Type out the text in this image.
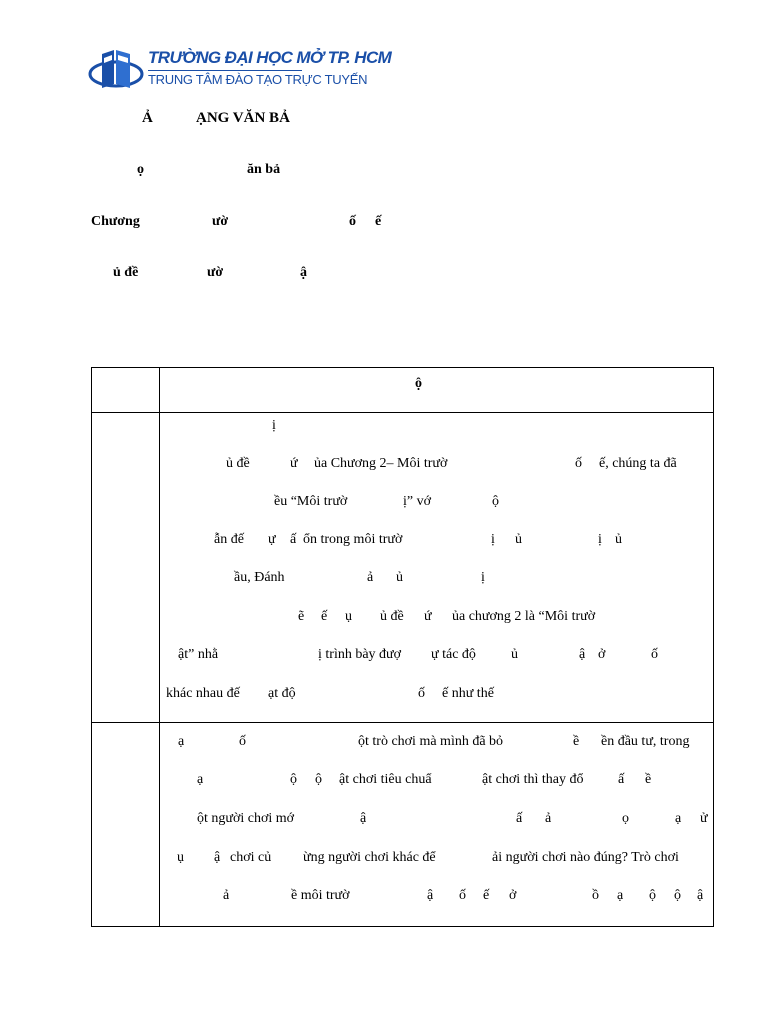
TRƯỜNG ĐẠI HỌC MỞ TP. HCM
TRUNG TÂM ĐÀO TẠO TRỰC TUYẾN
Ả	ẠNG VĂN BẢ
ọ	ăn bả
Chương	ườ	ố ế
ủ đề	ườ	ậ
ộ
ị
ủ đề	ứ ủa Chương 2– Môi trườ	ố ế, chúng ta đã
ều “Môi trườ	ị” vớ	ộ
ẫn đế ự ấ ổn trong môi trườ	ị ủ	ị ủ
ầu, Đánh	ả ủ	ị
ẽ ế ụ ủ đề ứ ủa chương 2 là “Môi trườ
ật” nhằ	ị trình bày đượ ự tác độ	ủ	ậ ở	ố
khác nhau đế ạt độ	ố ế như thế
ạ	ố	ột trò chơi mà mình đã bỏ	ề ền đầu tư, trong
ạ	ộ ộ ật chơi tiêu chuẩ	ật chơi thì thay đổ ấ ề
ột người chơi mớ	ậ	ấ ả	ọ	ạ ử
ụ ậ chơi củ ừng người chơi khác để	ải người chơi nào đúng? Trò chơi
ả	ề môi trườ	ậ ố ế ở	ồ ạ ộ ộ ậ
